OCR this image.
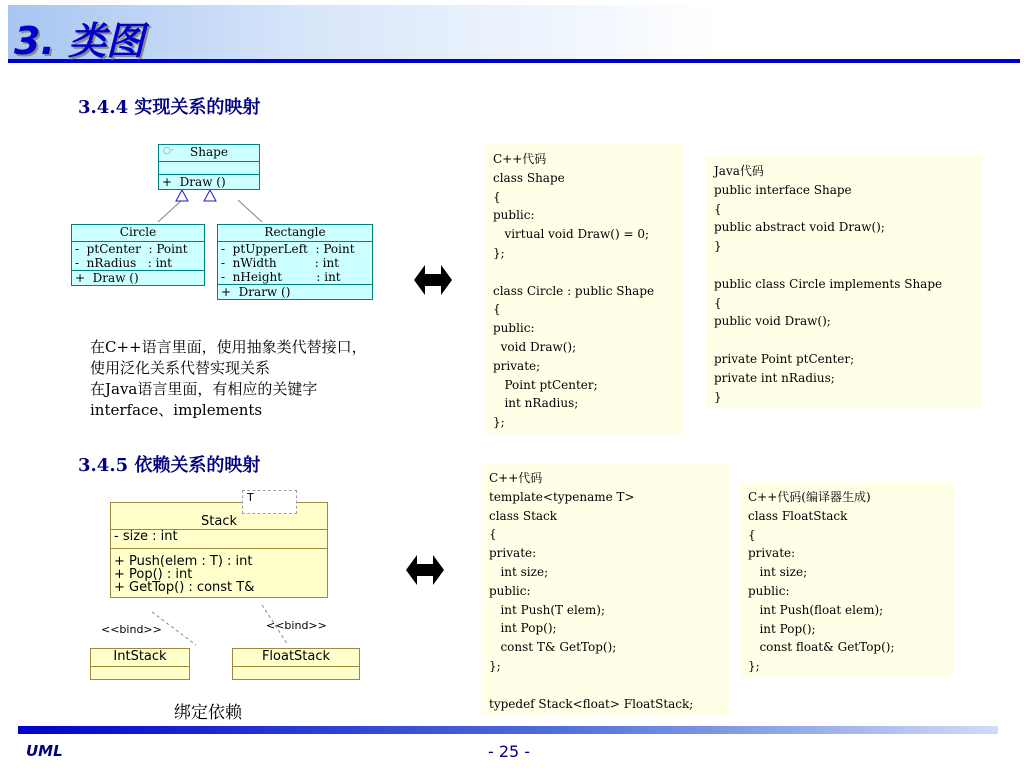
3. 类图
3.4.4 实现关系的映射
Shape
+  Draw ()
○·
Circle
-  ptCenter  : Point
-  nRadius   : int
+  Draw ()
Rectangle
-  ptUpperLeft  : Point
-  nWidth          : int
-  nHeight         : int
+  Drarw ()
在C++语言里面，使用抽象类代替接口，
使用泛化关系代替实现关系
在Java语言里面，有相应的关键字
interface、implements
C++代码
class Shape
{
public:
virtual void Draw() = 0;
};

class Circle : public Shape
{
public:
void Draw();
private;
Point ptCenter;
int nRadius;
};
Java代码
public interface Shape
{
public abstract void Draw();
}

public class Circle implements Shape
{
public void Draw();

private Point ptCenter;
private int nRadius;
}
3.4.5 依赖关系的映射
Stack
- size : int
+ Push(elem : T) : int
+ Pop() : int
+ GetTop() : const T&
T
<<bind>>	<<bind>>
IntStack	FloatStack
绑定依赖
C++代码
template<typename T>
class Stack
{
private:
int size;
public:
int Push(T elem);
int Pop();
const T& GetTop();
};

typedef Stack<float> FloatStack;
C++代码(编译器生成)
class FloatStack
{
private:
int size;
public:
int Push(float elem);
int Pop();
const float& GetTop();
};
UML	- 25 -
